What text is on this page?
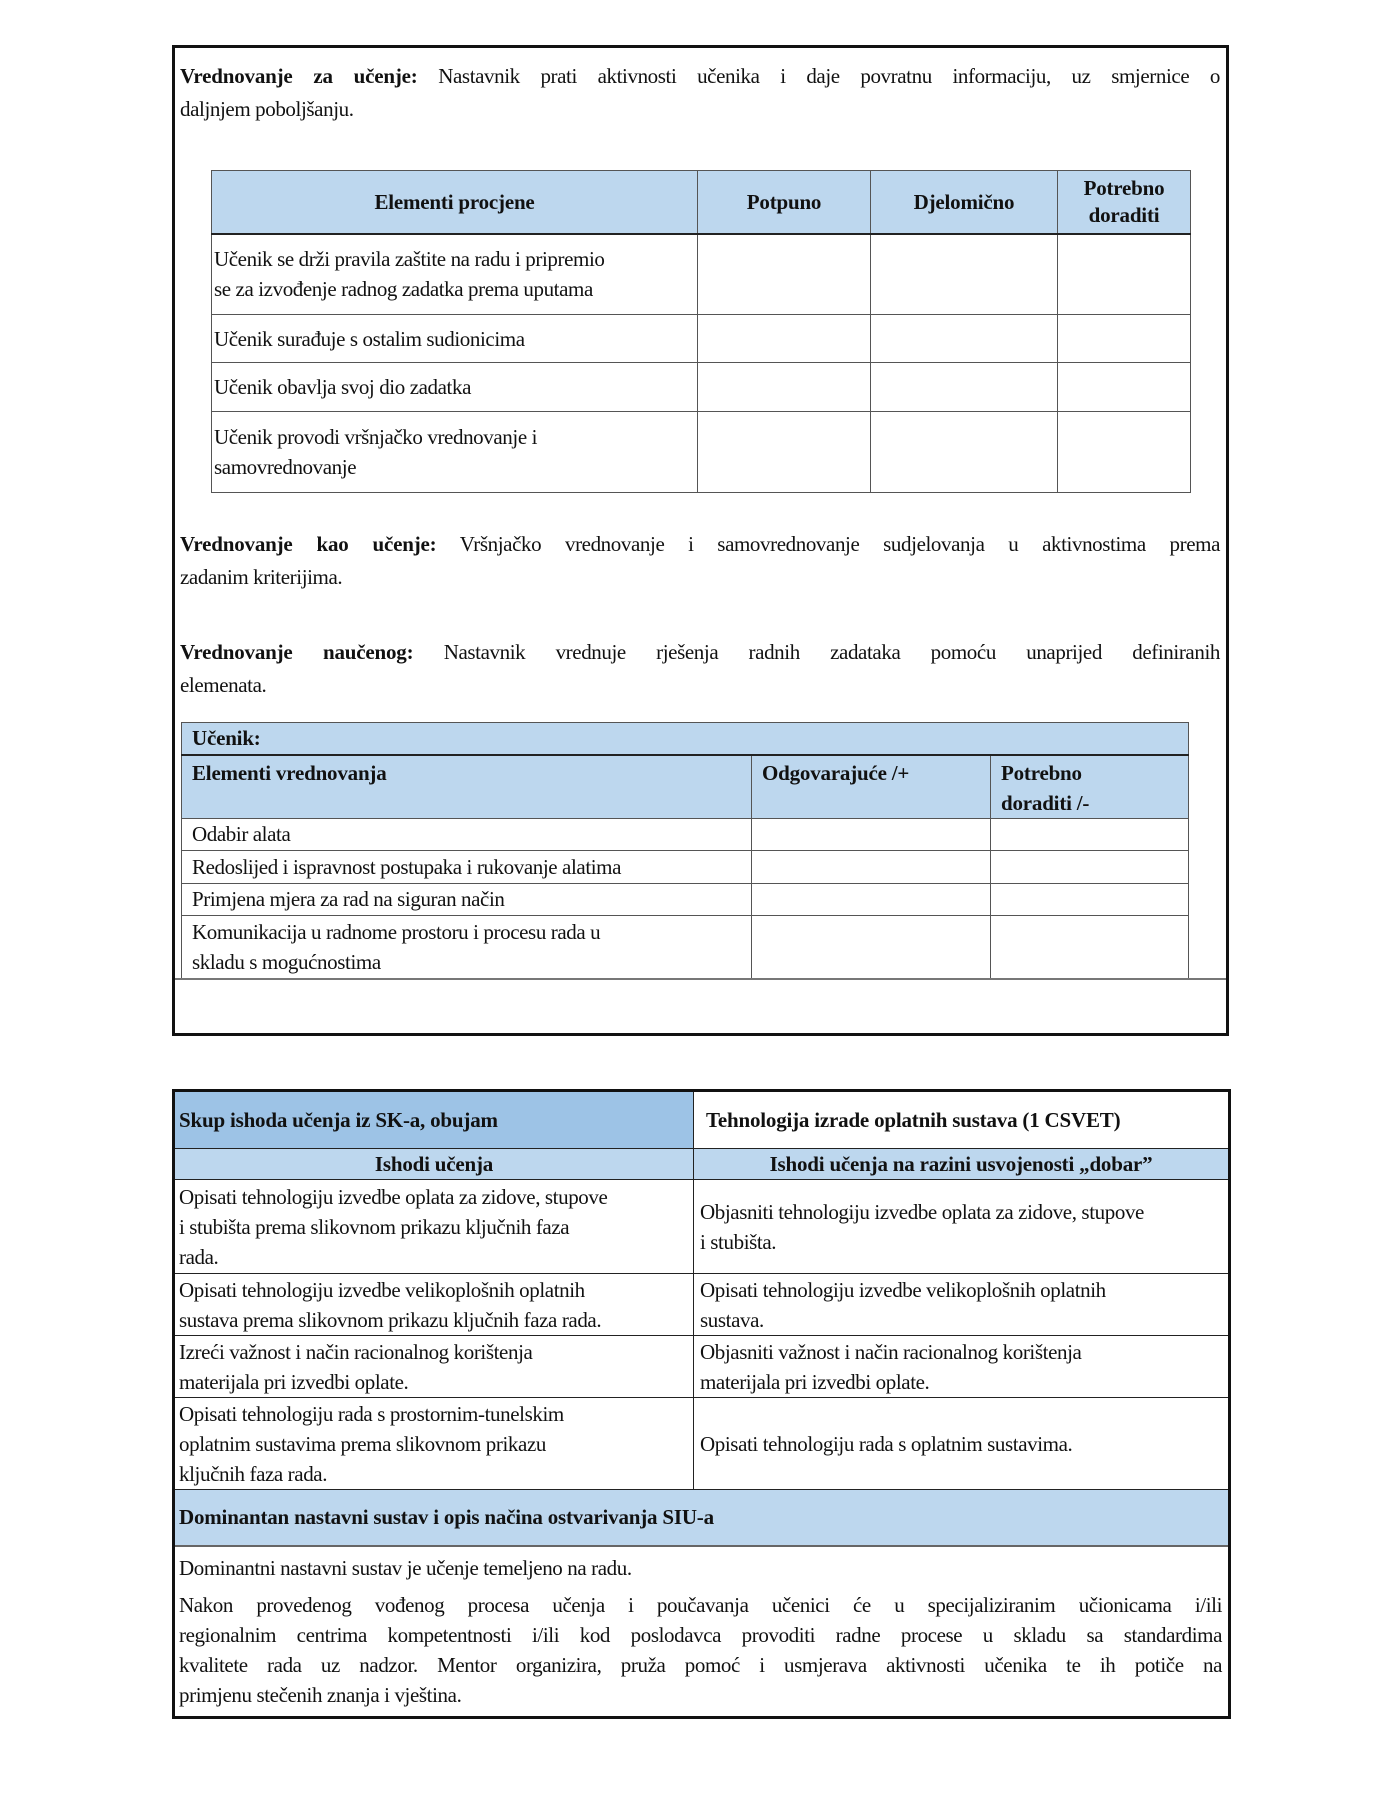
Vrednovanje za učenje: Nastavnik prati aktivnosti učenika i daje povratnu informaciju, uz smjernice o
daljnjem poboljšanju.
Elementi procjene	Potpuno	Djelomično	Potrebno
doraditi

Učenik se drži pravila zaštite na radu i pripremio
se za izvođenje radnog zadatka prema uputama			

Učenik surađuje s ostalim sudionicima			

Učenik obavlja svoj dio zadatka			

Učenik provodi vršnjačko vrednovanje i
samovrednovanje			

Vrednovanje kao učenje: Vršnjačko vrednovanje i samovrednovanje sudjelovanja u aktivnostima prema
zadanim kriterijima.
Vrednovanje naučenog: Nastavnik vrednuje rješenja radnih zadataka pomoću unaprijed definiranih
elemenata.
Učenik:		
Elementi vrednovanja	Odgovarajuće /+	Potrebno
doraditi /-

Odabir alata		

Redoslijed i ispravnost postupaka i rukovanje alatima		

Primjena mjera za rad na siguran način		

Komunikacija u radnome prostoru i procesu rada u
skladu s mogućnostima		

Skup ishoda učenja iz SK-a, obujam	Tehnologija izrade oplatnih sustava (1 CSVET)
Ishodi učenja	Ishodi učenja na razini usvojenosti „dobar”

Opisati tehnologiju izvedbe oplata za zidove, stupove
i stubišta prema slikovnom prikazu ključnih faza
rada.	Objasniti tehnologiju izvedbe oplata za zidove, stupove
i stubišta.

Opisati tehnologiju izvedbe velikoplošnih oplatnih
sustava prema slikovnom prikazu ključnih faza rada.	Opisati tehnologiju izvedbe velikoplošnih oplatnih
sustava.

Izreći važnost i način racionalnog korištenja
materijala pri izvedbi oplate.	Objasniti važnost i način racionalnog korištenja
materijala pri izvedbi oplate.

Opisati tehnologiju rada s prostornim-tunelskim
oplatnim sustavima prema slikovnom prikazu
ključnih faza rada.	Opisati tehnologiju rada s oplatnim sustavima.

Dominantan nastavni sustav i opis načina ostvarivanja SIU-a	

Dominantni nastavni sustav je učenje temeljeno na radu.
Nakon provedenog vođenog procesa učenja i poučavanja učenici će u specijaliziranim učionicama i/ili
regionalnim centrima kompetentnosti i/ili kod poslodavca provoditi radne procese u skladu sa standardima
kvalitete rada uz nadzor. Mentor organizira, pruža pomoć i usmjerava aktivnosti učenika te ih potiče na
primjenu stečenih znanja i vještina.	
